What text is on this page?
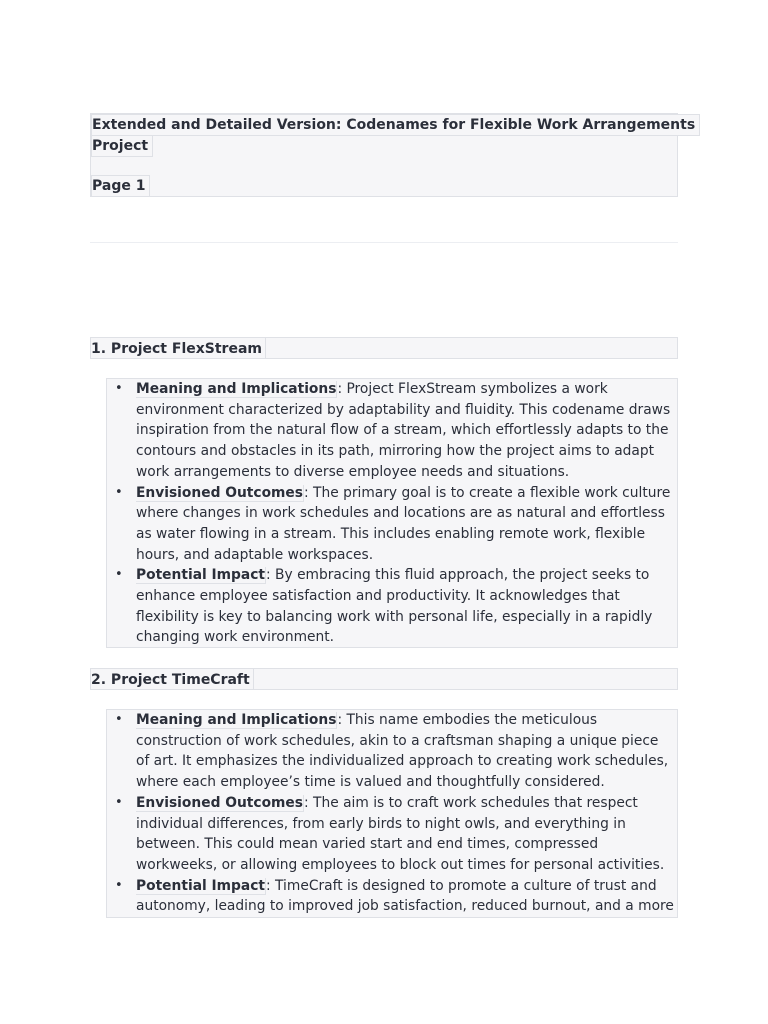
Extended and Detailed Version: Codenames for Flexible Work Arrangements
Project
Page 1
1. Project FlexStream
• Meaning and Implications: Project FlexStream symbolizes a work environment characterized by adaptability and fluidity. This codename draws inspiration from the natural flow of a stream, which effortlessly adapts to the contours and obstacles in its path, mirroring how the project aims to adapt work arrangements to diverse employee needs and situations.
• Envisioned Outcomes: The primary goal is to create a flexible work culture where changes in work schedules and locations are as natural and effortless as water flowing in a stream. This includes enabling remote work, flexible hours, and adaptable workspaces.
• Potential Impact: By embracing this fluid approach, the project seeks to enhance employee satisfaction and productivity. It acknowledges that flexibility is key to balancing work with personal life, especially in a rapidly changing work environment.
2. Project TimeCraft
• Meaning and Implications: This name embodies the meticulous construction of work schedules, akin to a craftsman shaping a unique piece of art. It emphasizes the individualized approach to creating work schedules, where each employee’s time is valued and thoughtfully considered.
• Envisioned Outcomes: The aim is to craft work schedules that respect individual differences, from early birds to night owls, and everything in between. This could mean varied start and end times, compressed workweeks, or allowing employees to block out times for personal activities.
• Potential Impact: TimeCraft is designed to promote a culture of trust and autonomy, leading to improved job satisfaction, reduced burnout, and a more
